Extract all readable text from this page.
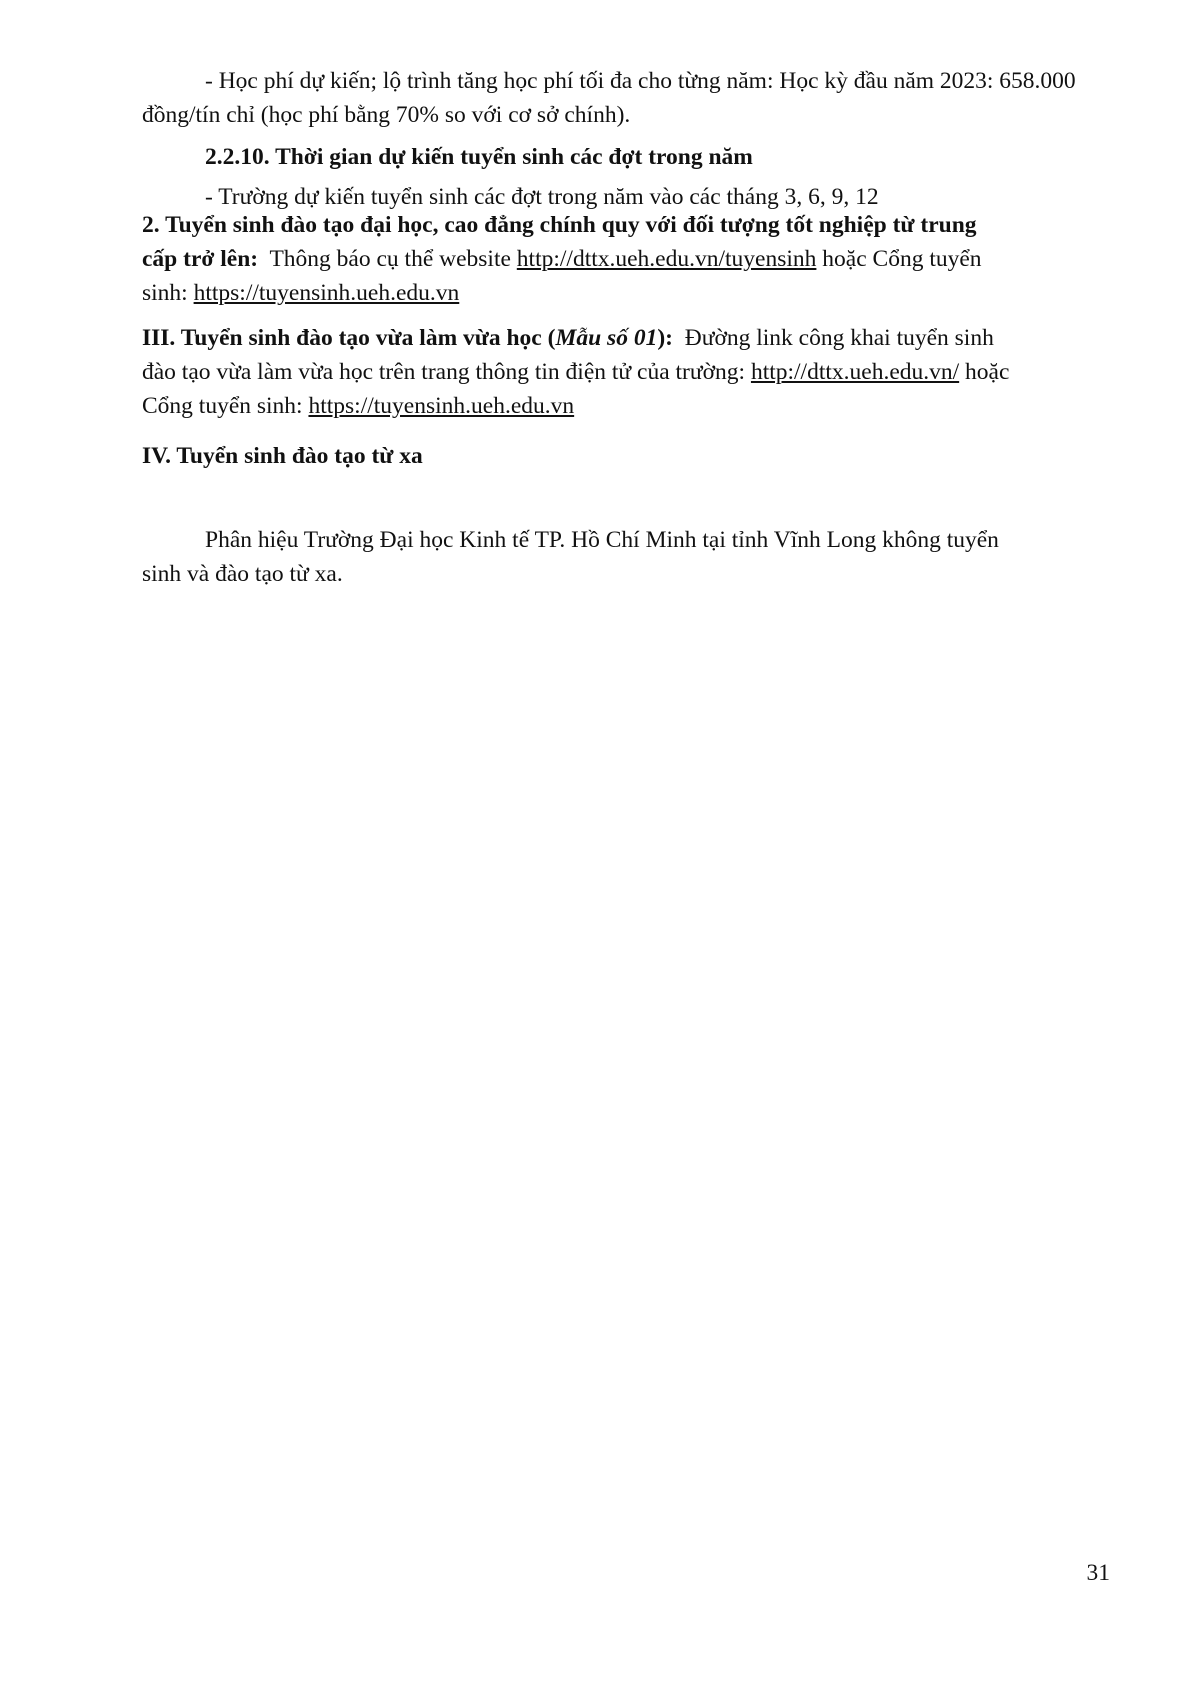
- Học phí dự kiến; lộ trình tăng học phí tối đa cho từng năm: Học kỳ đầu năm 2023: 658.000
đồng/tín chỉ (học phí bằng 70% so với cơ sở chính).
2.2.10. Thời gian dự kiến tuyển sinh các đợt trong năm
- Trường dự kiến tuyển sinh các đợt trong năm vào các tháng 3, 6, 9, 12
2. Tuyển sinh đào tạo đại học, cao đẳng chính quy với đối tượng tốt nghiệp từ trung
cấp trở lên: Thông báo cụ thể website http://dttx.ueh.edu.vn/tuyensinh hoặc Cổng tuyển
sinh: https://tuyensinh.ueh.edu.vn
III. Tuyển sinh đào tạo vừa làm vừa học (Mẫu số 01): Đường link công khai tuyển sinh
đào tạo vừa làm vừa học trên trang thông tin điện tử của trường: http://dttx.ueh.edu.vn/ hoặc
Cổng tuyển sinh: https://tuyensinh.ueh.edu.vn
IV. Tuyển sinh đào tạo từ xa
Phân hiệu Trường Đại học Kinh tế TP. Hồ Chí Minh tại tỉnh Vĩnh Long không tuyển
sinh và đào tạo từ xa.
31
